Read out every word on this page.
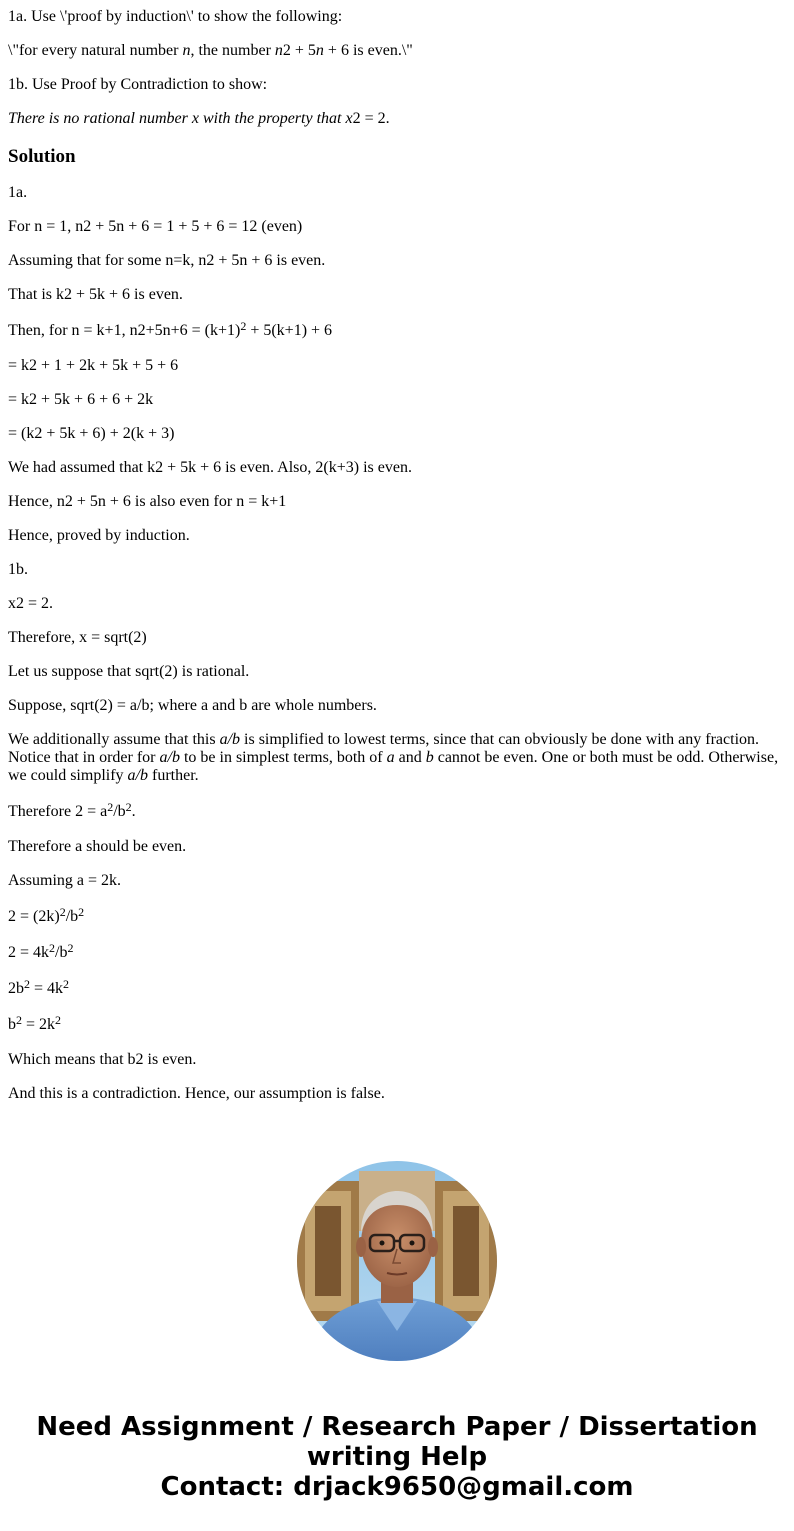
1a. Use \'proof by induction\' to show the following:

\"for every natural number n, the number n2 + 5n + 6 is even.\"

1b. Use Proof by Contradiction to show:

There is no rational number x with the property that x2 = 2.

Solution

1a.

For n = 1, n2 + 5n + 6 = 1 + 5 + 6 = 12 (even)

Assuming that for some n=k, n2 + 5n + 6 is even.

That is k2 + 5k + 6 is even.

Then, for n = k+1, $n2+5n+6 = (k+1)^2 + 5(k+1) + 6$

= k2 + 1 + 2k + 5k + 5 + 6

= k2 + 5k + 6 + 6 + 2k

= (k2 + 5k + 6) + 2(k + 3)

We had assumed that k2 + 5k + 6 is even. Also, 2(k+3) is even.

Hence, n2 + 5n + 6 is also even for n = k+1

Hence, proved by induction.

1b.

x2 = 2.

Therefore, x = sqrt(2)

Let us suppose that sqrt(2) is rational.

Suppose, sqrt(2) = a/b; where a and b are whole numbers.

We additionally assume that this a/b is simplified to lowest terms, since that can obviously be done with any fraction. Notice that in order for a/b to be in simplest terms, both of a and b cannot be even. One or both must be odd. Otherwise, we could simplify a/b further.

Therefore $2 = a^2/b^2$.

Therefore a should be even.

Assuming a = 2k.

$2 = (2k)^2/b^2$

$2 = 4k^2/b^2$

$2b^2 = 4k^2$

$b^2 = 2k^2$

Which means that b2 is even.

And this is a contradiction. Hence, our assumption is false.

Need Assignment / Research Paper / Dissertation
writing Help
Contact: drjack9650@gmail.com
